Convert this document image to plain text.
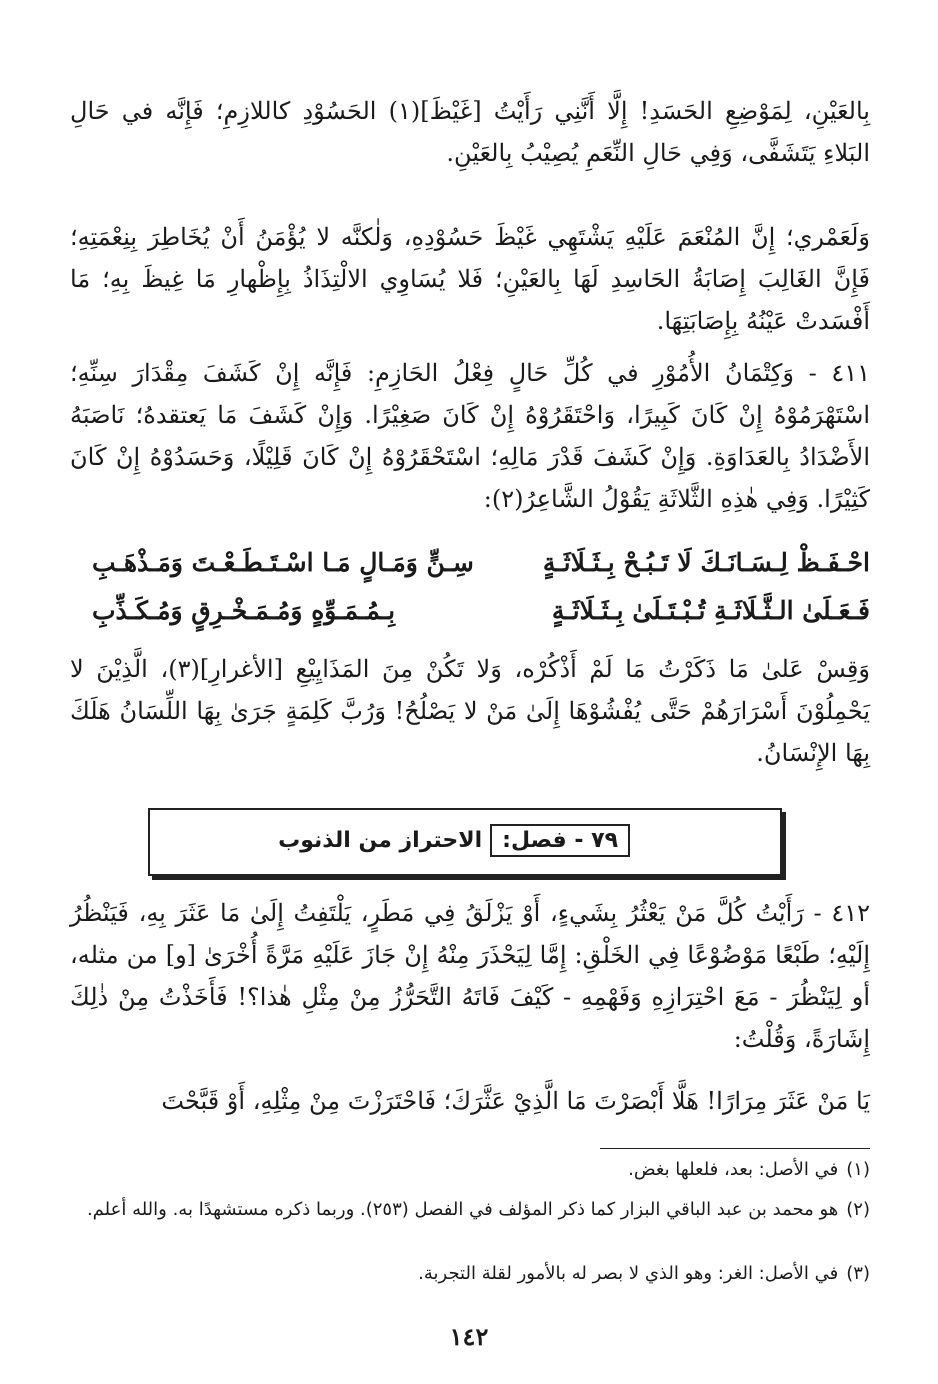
بِالعَيْنِ، لِمَوْضِعِ الحَسَدِ! إِلَّا أَنَّنِي رَأَيْتُ [غَيْظَ](١) الحَسُوْدِ كاللازِمِ؛ فَإِنَّه في حَالِ البَلاءِ يَتَشَفَّى، وَفِي حَالِ النِّعَمِ يُصِيْبُ بِالعَيْنِ.

وَلَعَمْري؛ إِنَّ المُنْعَمَ عَلَيْهِ يَشْتَهِي غَيْظَ حَسُوْدِهِ، وَلٰكنَّه لا يُؤْمَنُ أَنْ يُخَاطِرَ بِنِعْمَتِهِ؛ فَإِنَّ الغَالِبَ إِصَابَةُ الحَاسِدِ لَهَا بِالعَيْنِ؛ فَلا يُسَاوِي الالْتِذَاذُ بِإِظْهارِ مَا غِيظَ بِهِ؛ مَا أَفْسَدتْ عَيْنُهُ بِإِصَابَتِهَا.

٤١١ - وَكِتْمَانُ الأُمُوْرِ في كُلِّ حَالٍ فِعْلُ الحَازِمِ: فَإِنَّه إِنْ كَشَفَ مِقْدَارَ سِنِّهِ؛ اسْتَهْرَمُوْهُ إِنْ كَانَ كَبِيرًا، وَاحْتَقَرُوْهُ إِنْ كَانَ صَغِيْرًا. وَإِنْ كَشَفَ مَا يَعتقدهُ؛ نَاصَبَهُ الأَضْدَادُ بِالعَدَاوَةِ. وَإِنْ كَشَفَ قَدْرَ مَالِهِ؛ اسْتَحْقَرُوْهُ إِنْ كَانَ قَلِيْلًا، وَحَسَدُوْهُ إِنْ كَانَ كَثِيْرًا. وَفِي هٰذِهِ الثَّلاثَةِ يَقُوْلُ الشَّاعِرُ(٢):

احْـفَـظْ لِـسَـانَـكَ لَا تَـبُـحْ بِـثَـلَاثَـةٍ
سِـنٍّ وَمَـالٍ مَـا اسْـتَـطَـعْـتَ وَمَـذْهَـبِ
فَـعَـلَىٰ الـثَّـلَاثَـةِ تُـبْـتَـلَىٰ بِـثَـلَاثَـةٍ
بِـمُـمَـوِّهٍ وَمُـمَـخْـرِقٍ وَمُـكَـذِّبِ

وَقِسْ عَلىٰ مَا ذَكَرْتُ مَا لَمْ أَذْكُرْه، وَلا تَكُنْ مِنَ المَذَايِيْعِ [الأغرارِ](٣)، الَّذِيْنَ لا يَحْمِلُوْنَ أَسْرَارَهُمْ حَتَّى يُفْشُوْهَا إِلَىٰ مَنْ لا يَصْلُحُ! وَرُبَّ كَلِمَةٍ جَرَىٰ بِهَا اللِّسَانُ هَلَكَ بِهَا الإِنْسَانُ.

٧٩ - فصل:
الاحتراز من الذنوب

٤١٢ - رَأَيْتُ كُلَّ مَنْ يَعْثُرُ بِشَيءٍ، أَوْ يَزْلَقُ فِي مَطَرٍ، يَلْتَفِتُ إِلَىٰ مَا عَثَرَ بِهِ، فَيَنْظُرُ إِلَيْهِ؛ طَبْعًا مَوْضُوْعًا فِي الخَلْقِ: إِمَّا لِيَحْذَرَ مِنْهُ إِنْ جَازَ عَلَيْهِ مَرَّةً أُخْرَىٰ [و] من مثله، أو لِيَنْظُرَ - مَعَ احْتِرَازِهِ وَفَهْمِهِ - كَيْفَ فَاتَهُ التَّحَرُّزُ مِنْ مِثْلِ هٰذا؟! فَأَخَذْتُ مِنْ ذٰلِكَ إِشَارَةً، وَقُلْتُ:

يَا مَنْ عَثَرَ مِرَارًا! هَلَّا أَبْصَرْتَ مَا الَّذِيْ عَثَّرَكَ؛ فَاحْتَرَزْتَ مِنْ مِثْلِهِ، أَوْ قَبَّحْتَ

(١)في الأصل: بعد، فلعلها بغض.
(٢)هو محمد بن عبد الباقي البزار كما ذكر المؤلف في الفصل (٢٥٣). وربما ذكره مستشهدًا به. والله أعلم.
(٣)في الأصل: الغر: وهو الذي لا بصر له بالأمور لقلة التجربة.
١٤٢
